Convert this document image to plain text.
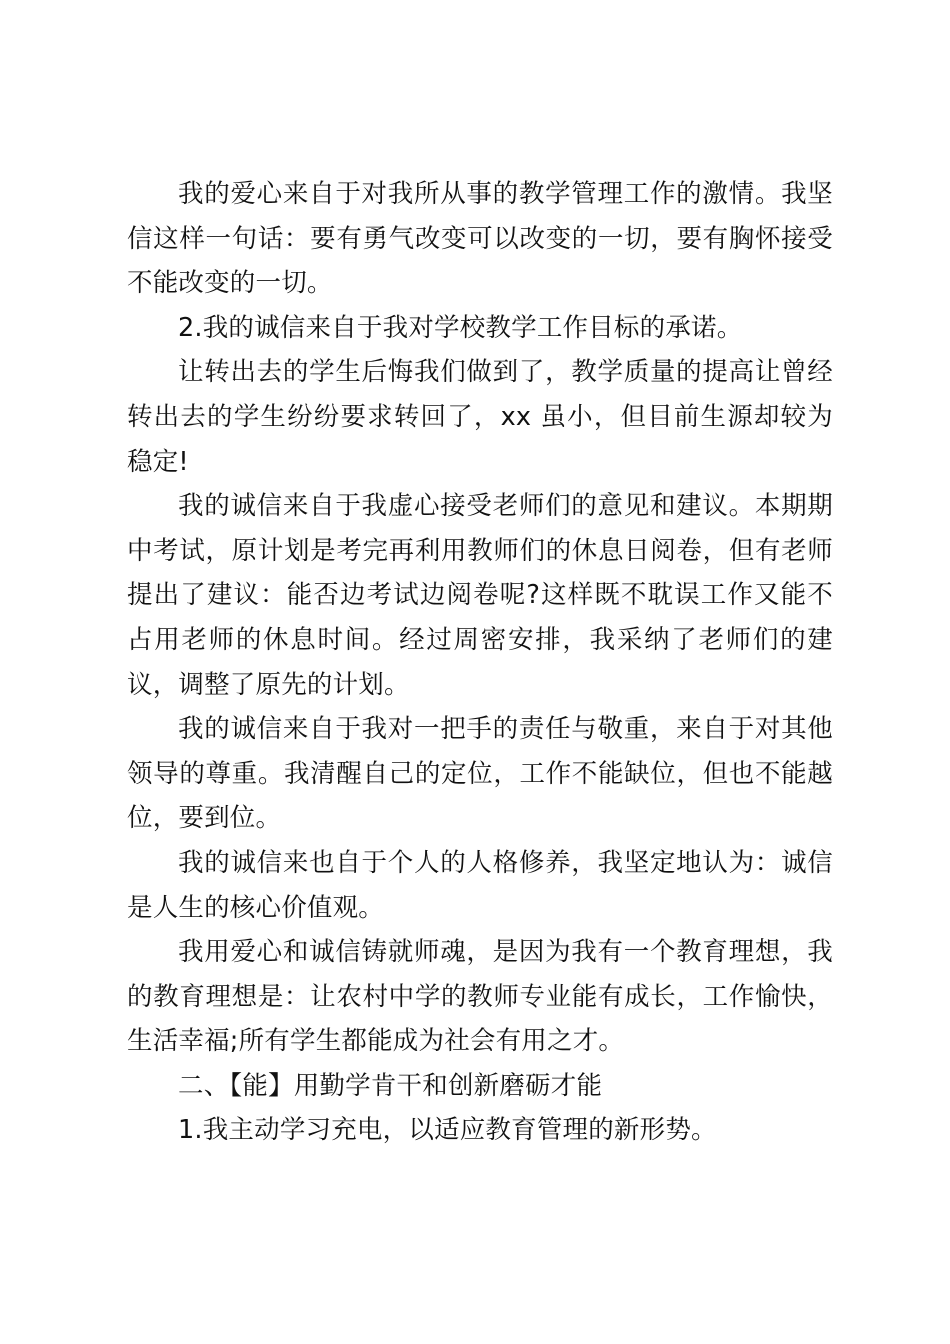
我的爱心来自于对我所从事的教学管理工作的激情。我坚信这样一句话：要有勇气改变可以改变的一切，要有胸怀接受不能改变的一切。

2.我的诚信来自于我对学校教学工作目标的承诺。

让转出去的学生后悔我们做到了，教学质量的提高让曾经转出去的学生纷纷要求转回了，xx 虽小，但目前生源却较为稳定!

我的诚信来自于我虚心接受老师们的意见和建议。本期期中考试，原计划是考完再利用教师们的休息日阅卷，但有老师提出了建议：能否边考试边阅卷呢?这样既不耽误工作又能不占用老师的休息时间。经过周密安排，我采纳了老师们的建议，调整了原先的计划。

我的诚信来自于我对一把手的责任与敬重，来自于对其他领导的尊重。我清醒自己的定位，工作不能缺位，但也不能越位，要到位。

我的诚信来也自于个人的人格修养，我坚定地认为：诚信是人生的核心价值观。

我用爱心和诚信铸就师魂，是因为我有一个教育理想，我的教育理想是：让农村中学的教师专业能有成长，工作愉快，生活幸福;所有学生都能成为社会有用之才。

二、【能】用勤学肯干和创新磨砺才能

1.我主动学习充电，以适应教育管理的新形势。
